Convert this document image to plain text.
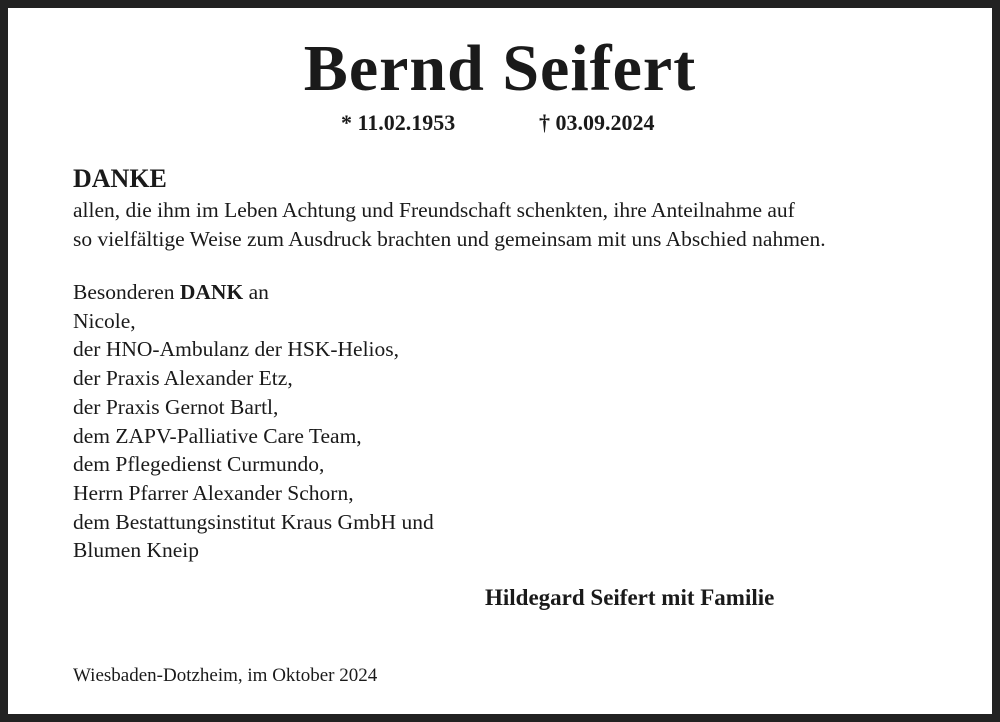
Bernd Seifert
* 11.02.1953	† 03.09.2024
DANKE

allen, die ihm im Leben Achtung und Freundschaft schenkten, ihre Anteilnahme auf

so vielfältige Weise zum Ausdruck brachten und gemeinsam mit uns Abschied nahmen.

Besonderen DANK an
Nicole,
der HNO-Ambulanz der HSK-Helios,
der Praxis Alexander Etz,
der Praxis Gernot Bartl,
dem ZAPV-Palliative Care Team,
dem Pflegedienst Curmundo,
Herrn Pfarrer Alexander Schorn,
dem Bestattungsinstitut Kraus GmbH und
Blumen Kneip
Hildegard Seifert mit Familie
Wiesbaden-Dotzheim, im Oktober 2024
